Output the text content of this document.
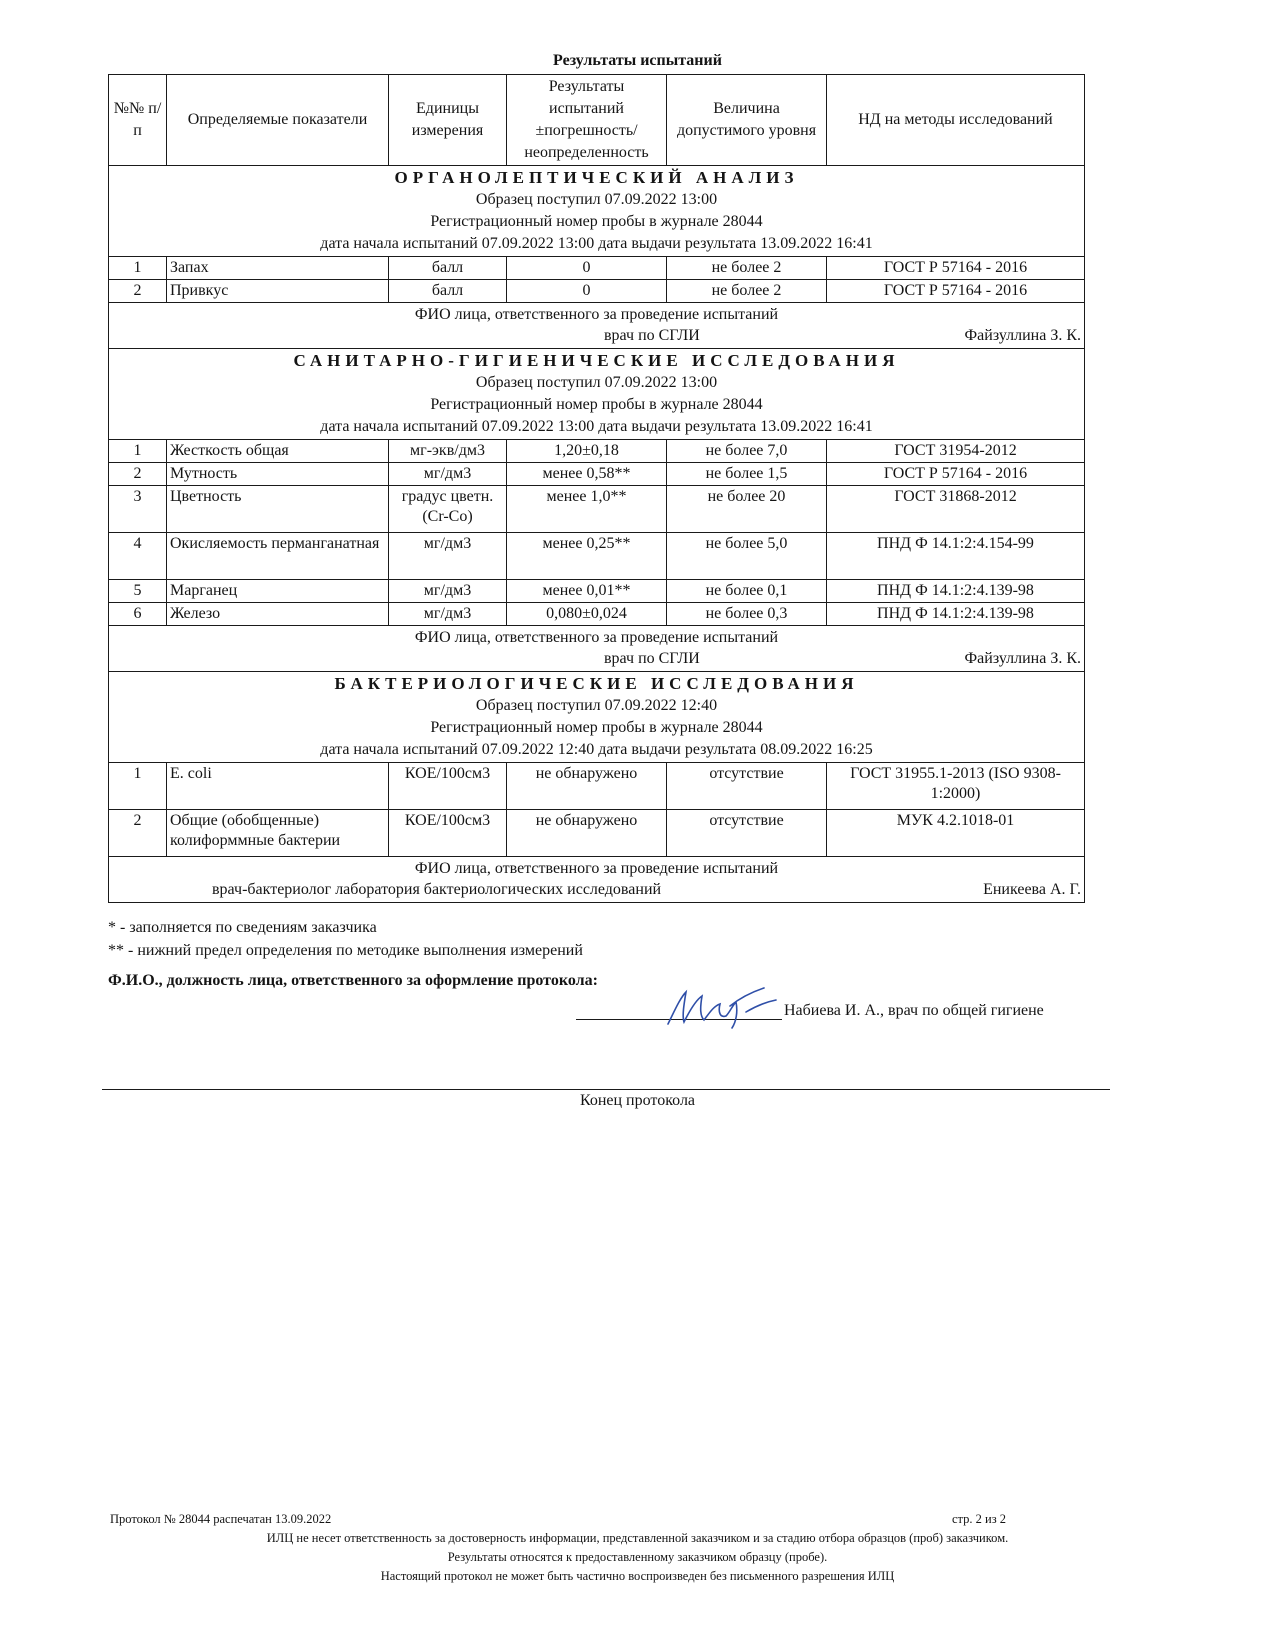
Результаты испытаний
№№ п/п	Определяемые показатели	Единицы измерения	Результаты испытаний ±погрешность/ неопределенность	Величина допустимого уровня	НД на методы исследований

ОРГАНОЛЕПТИЧЕСКИЙ АНАЛИЗ
Образец поступил 07.09.2022 13:00
Регистрационный номер пробы в журнале 28044
дата начала испытаний 07.09.2022 13:00 дата выдачи результата 13.09.2022 16:41					

1	Запах	балл	0	не более 2	ГОСТ Р 57164 - 2016
2	Привкус	балл	0	не более 2	ГОСТ Р 57164 - 2016

ФИО лица, ответственного за проведение испытаний
врач по СГЛИ Файзуллина З. К.					

САНИТАРНО-ГИГИЕНИЧЕСКИЕ ИССЛЕДОВАНИЯ
Образец поступил 07.09.2022 13:00
Регистрационный номер пробы в журнале 28044
дата начала испытаний 07.09.2022 13:00 дата выдачи результата 13.09.2022 16:41					

1	Жесткость общая	мг-экв/дм3	1,20±0,18	не более 7,0	ГОСТ 31954-2012
2	Мутность	мг/дм3	менее 0,58**	не более 1,5	ГОСТ Р 57164 - 2016
3	Цветность	градус цветн.(Cr-Co)	менее 1,0**	не более 20	ГОСТ 31868-2012
4	Окисляемость перманганатная	мг/дм3	менее 0,25**	не более 5,0	ПНД Ф 14.1:2:4.154-99
5	Марганец	мг/дм3	менее 0,01**	не более 0,1	ПНД Ф 14.1:2:4.139-98
6	Железо	мг/дм3	0,080±0,024	не более 0,3	ПНД Ф 14.1:2:4.139-98

ФИО лица, ответственного за проведение испытаний
врач по СГЛИ Файзуллина З. К.					

БАКТЕРИОЛОГИЧЕСКИЕ ИССЛЕДОВАНИЯ
Образец поступил 07.09.2022 12:40
Регистрационный номер пробы в журнале 28044
дата начала испытаний 07.09.2022 12:40 дата выдачи результата 08.09.2022 16:25					

1	E. coli	КОЕ/100см3	не обнаружено	отсутствие	ГОСТ 31955.1-2013 (ISO 9308-1:2000)
2	Общие (обобщенные) колиформмные бактерии	КОЕ/100см3	не обнаружено	отсутствие	МУК 4.2.1018-01

ФИО лица, ответственного за проведение испытаний
врач-бактериолог лаборатория бактериологических исследований Еникеева А. Г.					
* - заполняется по сведениям заказчика
** - нижний предел определения по методике выполнения измерений
Ф.И.О., должность лица, ответственного за оформление протокола:
Набиева И. А., врач по общей гигиене
Конец протокола
Протокол № 28044 распечатан 13.09.2022	стр. 2 из 2
ИЛЦ не несет ответственность за достоверность информации, представленной заказчиком и за стадию отбора образцов (проб) заказчиком.
Результаты относятся к предоставленному заказчиком образцу (пробе).
Настоящий протокол не может быть частично воспроизведен без письменного разрешения ИЛЦ
